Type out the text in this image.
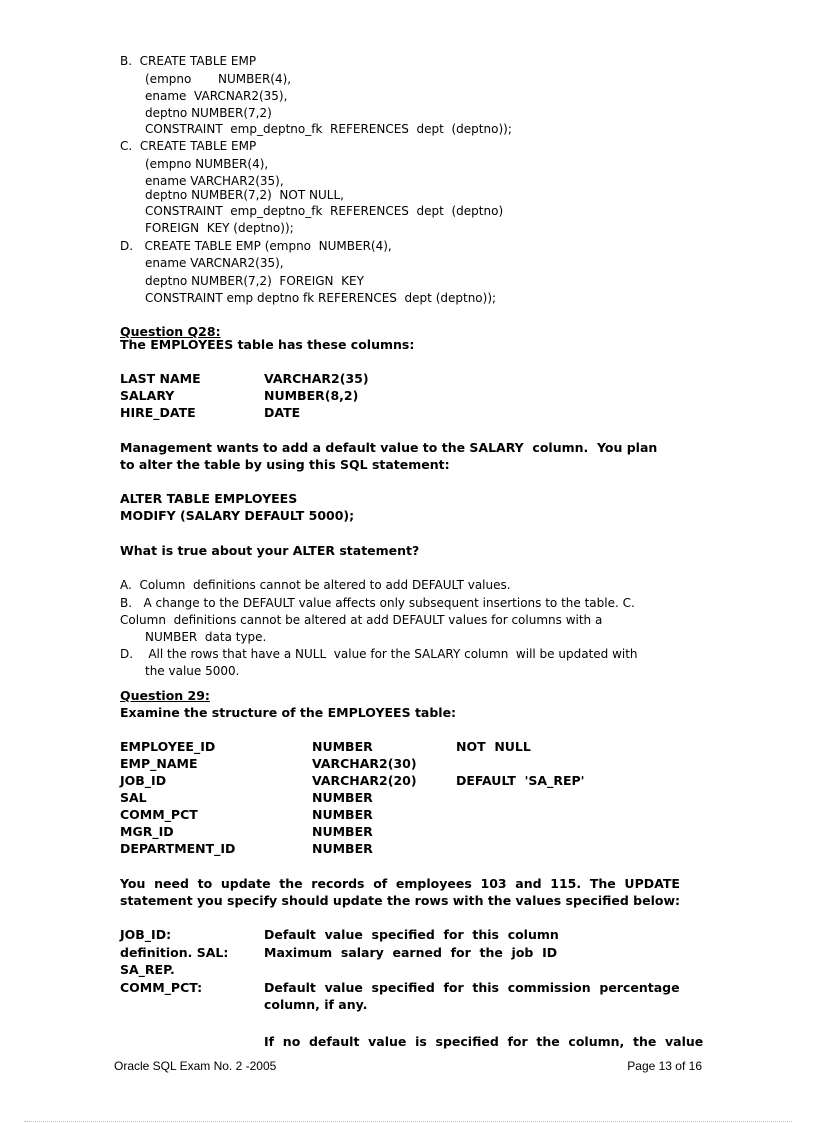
B.  CREATE TABLE EMP
(empno       NUMBER(4),
ename  VARCNAR2(35),
deptno NUMBER(7,2)
CONSTRAINT  emp_deptno_fk  REFERENCES  dept  (deptno));
C.  CREATE TABLE EMP
(empno NUMBER(4),
ename VARCHAR2(35),
deptno NUMBER(7,2)  NOT NULL,
CONSTRAINT  emp_deptno_fk  REFERENCES  dept  (deptno)
FOREIGN  KEY (deptno));
D.   CREATE TABLE EMP (empno  NUMBER(4),
ename VARCNAR2(35),
deptno NUMBER(7,2)  FOREIGN  KEY
CONSTRAINT emp deptno fk REFERENCES  dept (deptno));
Question Q28:
The EMPLOYEES table has these columns:
LAST NAME	VARCHAR2(35)
SALARY	NUMBER(8,2)
HIRE_DATE	DATE
Management wants to add a default value to the SALARY  column.  You plan
to alter the table by using this SQL statement:
ALTER TABLE EMPLOYEES
MODIFY (SALARY DEFAULT 5000);
What is true about your ALTER statement?
A.  Column  definitions cannot be altered to add DEFAULT values.
B.   A change to the DEFAULT value affects only subsequent insertions to the table. C.
Column  definitions cannot be altered at add DEFAULT values for columns with a
NUMBER  data type.
D.    All the rows that have a NULL  value for the SALARY column  will be updated with
the value 5000.
Question 29:
Examine the structure of the EMPLOYEES table:
EMPLOYEE_ID	NUMBER	NOT  NULL
EMP_NAME	VARCHAR2(30)
JOB_ID	VARCHAR2(20)	DEFAULT  'SA_REP'
SAL	NUMBER
COMM_PCT	NUMBER
MGR_ID	NUMBER
DEPARTMENT_ID	NUMBER
You  need  to  update  the  records  of  employees  103  and  115.  The  UPDATE
statement you specify should update the rows with the values specified below:
JOB_ID:	Default  value  specified  for  this  column
definition. SAL:	Maximum  salary  earned  for  the  job  ID
SA_REP.
COMM_PCT:	Default  value  specified  for  this  commission  percentage
column, if any.
If  no  default  value  is  specified  for  the  column,  the  value
Oracle SQL Exam No. 2 -2005	Page 13 of 16
